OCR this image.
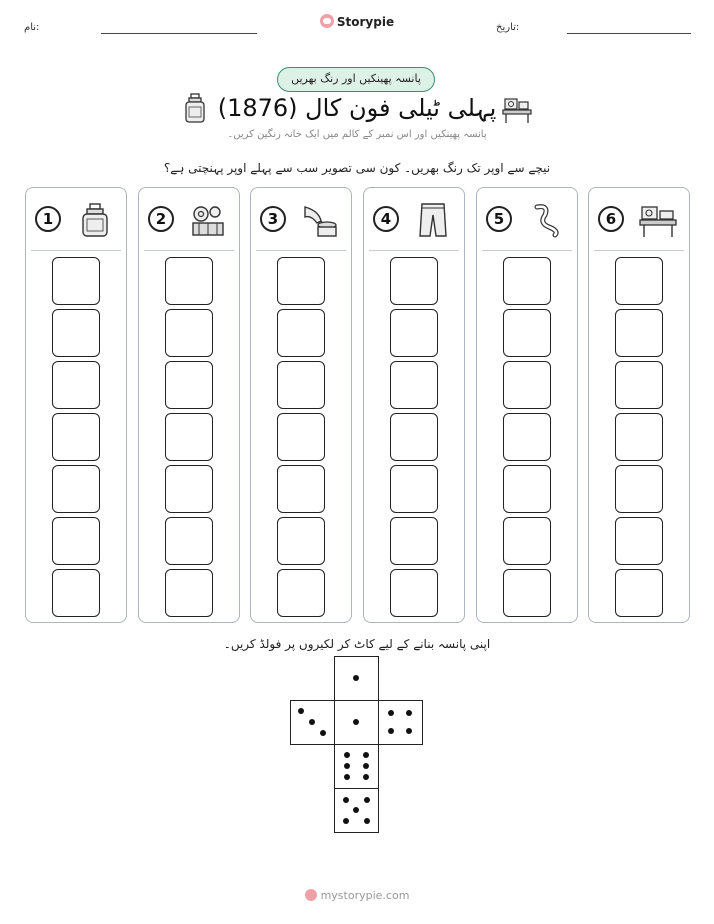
نام:	Storypie	تاریخ:
پانسہ پھینکیں اور رنگ بھریں
پہلی ٹیلی فون کال (1876)
پانسہ پھینکیں اور اس نمبر کے کالم میں ایک خانہ رنگین کریں۔
نیچے سے اوپر تک رنگ بھریں۔ کون سی تصویر سب سے پہلے اوپر پہنچتی ہے؟
1	2	3	4	5	6
اپنی پانسہ بنانے کے لیے کاٹ کر لکیروں پر فولڈ کریں۔
mystorypie.com
